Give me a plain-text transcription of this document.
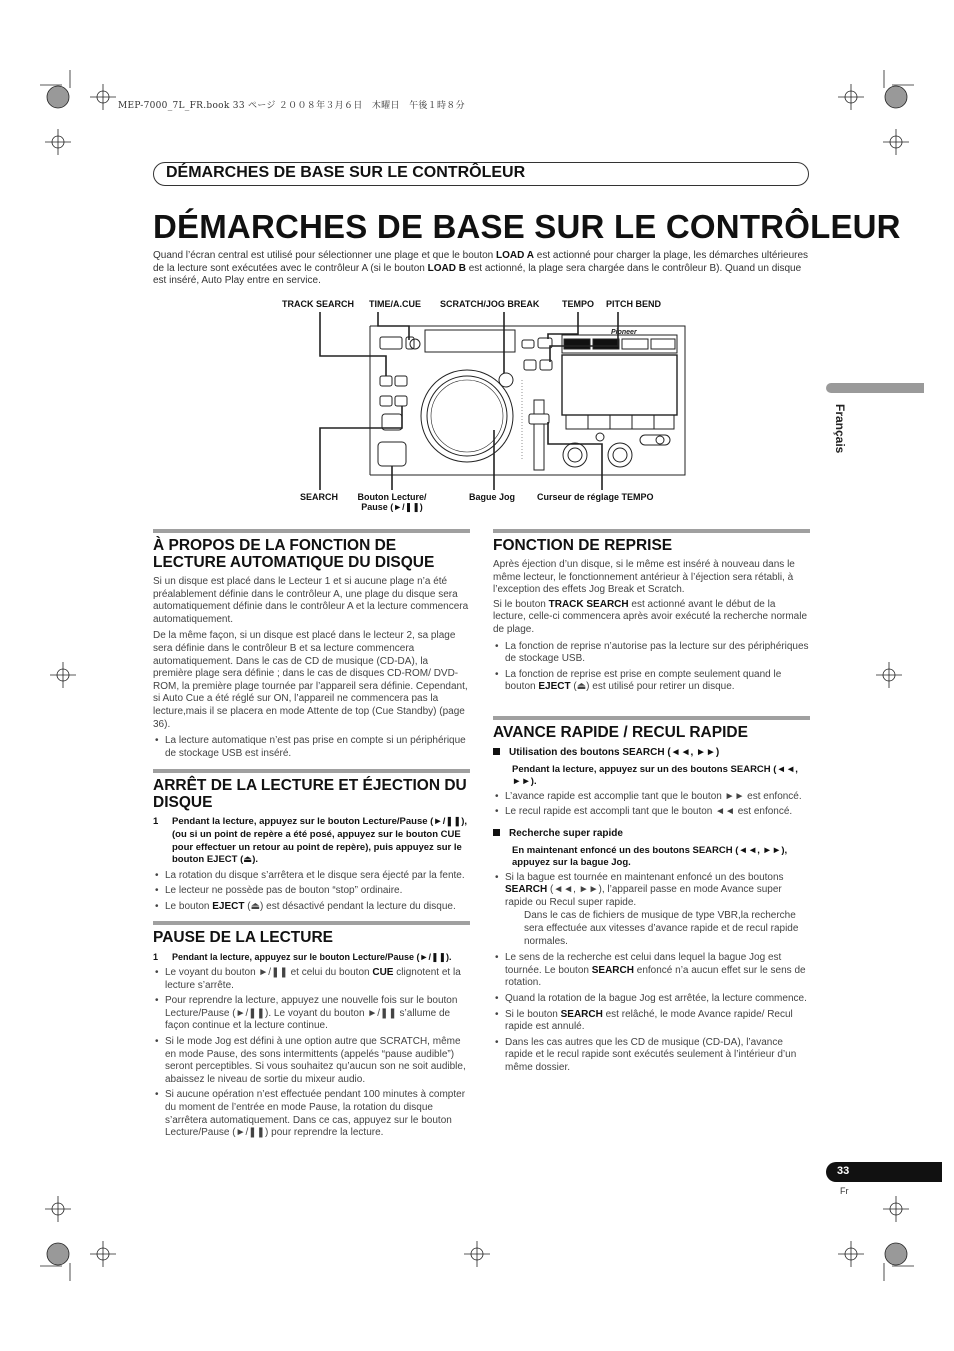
MEP-7000_7L_FR.book 33 ページ ２００８年３月６日　木曜日　午後１時８分
DÉMARCHES DE BASE SUR LE CONTRÔLEUR
DÉMARCHES DE BASE SUR LE CONTRÔLEUR
Quand l’écran central est utilisé pour sélectionner une plage et que le bouton LOAD A est actionné pour charger la plage, les démarches ultérieures de la lecture sont exécutées avec le contrôleur A (si le bouton LOAD B est actionné, la plage sera chargée dans le contrôleur B). Quand un disque est inséré, Auto Play entre en service.
TRACK SEARCH TIME/A.CUE SCRATCH/JOG BREAK	TEMPO PITCH BEND
Pioneer
SEARCH	Bouton Lecture/
Pause (►/❚❚)
Bague Jog Curseur de réglage TEMPO
Français
À PROPOS DE LA FONCTION DE LECTURE AUTOMATIQUE DU DISQUE

Si un disque est placé dans le Lecteur 1 et si aucune plage n’a été préalablement définie dans le contrôleur A, une plage du disque sera automatiquement définie dans le contrôleur A et la lecture commencera automatiquement.

De la même façon, si un disque est placé dans le lecteur 2, sa plage sera définie dans le contrôleur B et sa lecture commencera automatiquement. Dans le cas de CD de musique (CD-DA), la première plage sera définie ; dans le cas de disques CD-ROM/ DVD-ROM, la première plage tournée par l’appareil sera définie. Cependant, si Auto Cue a été réglé sur ON, l’appareil ne commencera pas la lecture,mais il se placera en mode Attente de top (Cue Standby) (page 36).

• La lecture automatique n’est pas prise en compte si un périphérique de stockage USB est inséré.
ARRÊT DE LA LECTURE ET ÉJECTION DU DISQUE
1 Pendant la lecture, appuyez sur le bouton Lecture/Pause (►/❚❚), (ou si un point de repère a été posé, appuyez sur le bouton CUE pour effectuer un retour au point de repère), puis appuyez sur le bouton EJECT (⏏).
• La rotation du disque s’arrêtera et le disque sera éjecté par la fente.
• Le lecteur ne possède pas de bouton “stop” ordinaire.
• Le bouton EJECT (⏏) est désactivé pendant la lecture du disque.
PAUSE DE LA LECTURE
1 Pendant la lecture, appuyez sur le bouton Lecture/Pause (►/❚❚).
• Le voyant du bouton ►/❚❚ et celui du bouton CUE clignotent et la lecture s’arrête.
• Pour reprendre la lecture, appuyez une nouvelle fois sur le bouton Lecture/Pause (►/❚❚). Le voyant du bouton ►/❚❚ s’allume de façon continue et la lecture continue.
• Si le mode Jog est défini à une option autre que SCRATCH, même en mode Pause, des sons intermittents (appelés “pause audible”) seront perceptibles. Si vous souhaitez qu’aucun son ne soit audible, abaissez le niveau de sortie du mixeur audio.
• Si aucune opération n’est effectuée pendant 100 minutes à compter du moment de l’entrée en mode Pause, la rotation du disque s’arrêtera automatiquement. Dans ce cas, appuyez sur le bouton Lecture/Pause (►/❚❚) pour reprendre la lecture.
FONCTION DE REPRISE

Après éjection d’un disque, si le même est inséré à nouveau dans le même lecteur, le fonctionnement antérieur à l’éjection sera rétabli, à l’exception des effets Jog Break et Scratch.

Si le bouton TRACK SEARCH est actionné avant le début de la lecture, celle-ci commencera après avoir exécuté la recherche normale de plage.

• La fonction de reprise n’autorise pas la lecture sur des périphériques de stockage USB.
• La fonction de reprise est prise en compte seulement quand le bouton EJECT (⏏) est utilisé pour retirer un disque.
AVANCE RAPIDE / RECUL RAPIDE
Utilisation des boutons SEARCH (◄◄, ►►)
Pendant la lecture, appuyez sur un des boutons SEARCH (◄◄, ►►).
• L’avance rapide est accomplie tant que le bouton ►► est enfoncé.
• Le recul rapide est accompli tant que le bouton ◄◄ est enfoncé.
Recherche super rapide
En maintenant enfoncé un des boutons SEARCH (◄◄, ►►), appuyez sur la bague Jog.
• Si la bague est tournée en maintenant enfoncé un des boutons SEARCH (◄◄, ►►), l’appareil passe en mode Avance super rapide ou Recul super rapide.
Dans le cas de fichiers de musique de type VBR,la recherche sera effectuée aux vitesses d’avance rapide et de recul rapide normales.
• Le sens de la recherche est celui dans lequel la bague Jog est tournée. Le bouton SEARCH enfoncé n’a aucun effet sur le sens de rotation.
• Quand la rotation de la bague Jog est arrêtée, la lecture commence.
• Si le bouton SEARCH est relâché, le mode Avance rapide/ Recul rapide est annulé.
• Dans les cas autres que les CD de musique (CD-DA), l’avance rapide et le recul rapide sont exécutés seulement à l’intérieur d’un même dossier.
33
Fr
